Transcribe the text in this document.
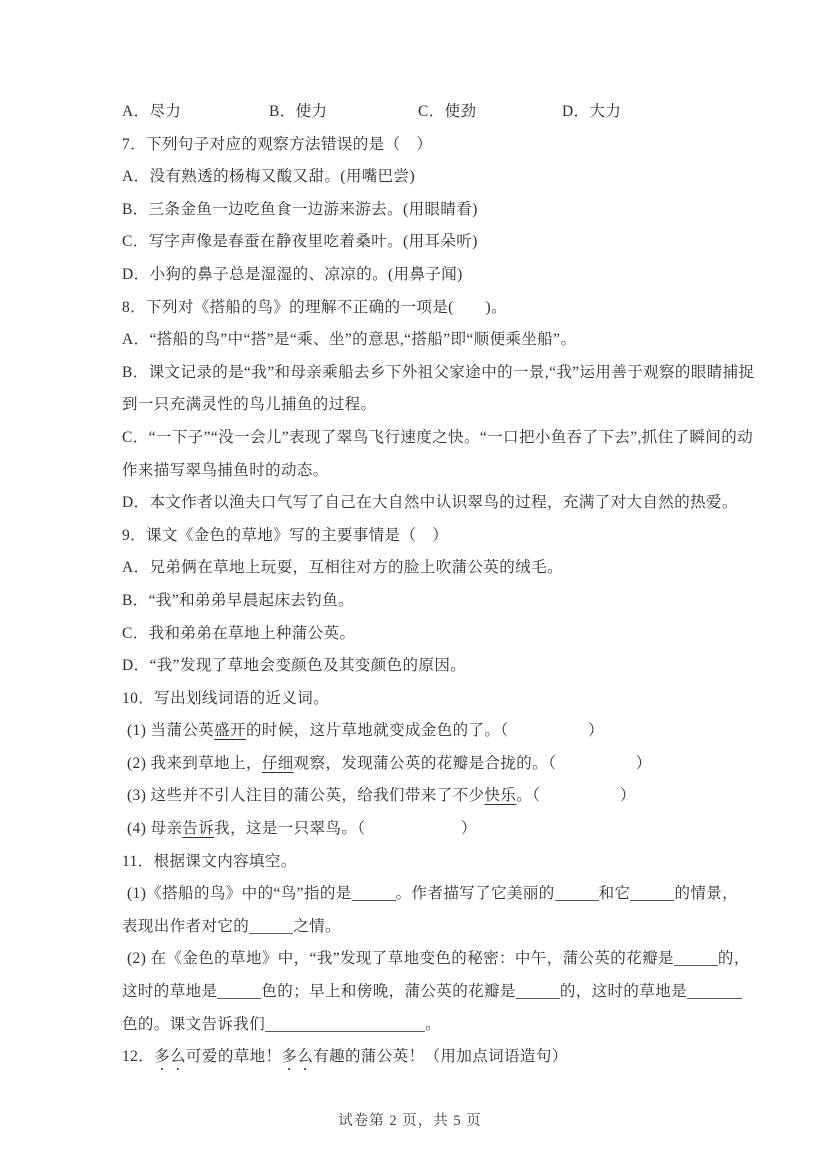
A．尽力	B．使力	C．使劲	D．大力
7．下列句子对应的观察方法错误的是（　）
A．没有熟透的杨梅又酸又甜。(用嘴巴尝)
B．三条金鱼一边吃鱼食一边游来游去。(用眼睛看)
C．写字声像是春蚕在静夜里吃着桑叶。(用耳朵听)
D．小狗的鼻子总是湿湿的、凉凉的。(用鼻子闻)
8．下列对《搭船的鸟》的理解不正确的一项是(　　)。
A．“搭船的鸟”中“搭”是“乘、坐”的意思,“搭船”即“顺便乘坐船”。
B．课文记录的是“我”和母亲乘船去乡下外祖父家途中的一景,“我”运用善于观察的眼睛捕捉
到一只充满灵性的鸟儿捕鱼的过程。
C．“一下子”“没一会儿”表现了翠鸟飞行速度之快。“一口把小鱼吞了下去”,抓住了瞬间的动
作来描写翠鸟捕鱼时的动态。
D．本文作者以渔夫口气写了自己在大自然中认识翠鸟的过程，充满了对大自然的热爱。
9．课文《金色的草地》写的主要事情是（　）
A．兄弟俩在草地上玩耍，互相往对方的脸上吹蒲公英的绒毛。
B．“我”和弟弟早晨起床去钓鱼。
C．我和弟弟在草地上种蒲公英。
D．“我”发现了草地会变颜色及其变颜色的原因。
10．写出划线词语的近义词。
(1) 当蒲公英盛开的时候，这片草地就变成金色的了。（　　　　　）
(2) 我来到草地上，仔细观察，发现蒲公英的花瓣是合拢的。（　　　　　）
(3) 这些并不引人注目的蒲公英，给我们带来了不少快乐。（　　　　　）
(4) 母亲告诉我，这是一只翠鸟。（　　　　　　）
11．根据课文内容填空。
(1)《搭船的鸟》中的“鸟”指的是	。作者描写了它美丽的	和它	的情景，
表现出作者对它的	之情。
(2) 在《金色的草地》中，“我”发现了草地变色的秘密：中午，蒲公英的花瓣是	的，
这时的草地是	色的；早上和傍晚，蒲公英的花瓣是	的，这时的草地是
色的。课文告诉我们	。
12．多么可爱的草地！多么有趣的蒲公英！（用加点词语造句）
试卷第 2 页，共 5 页
